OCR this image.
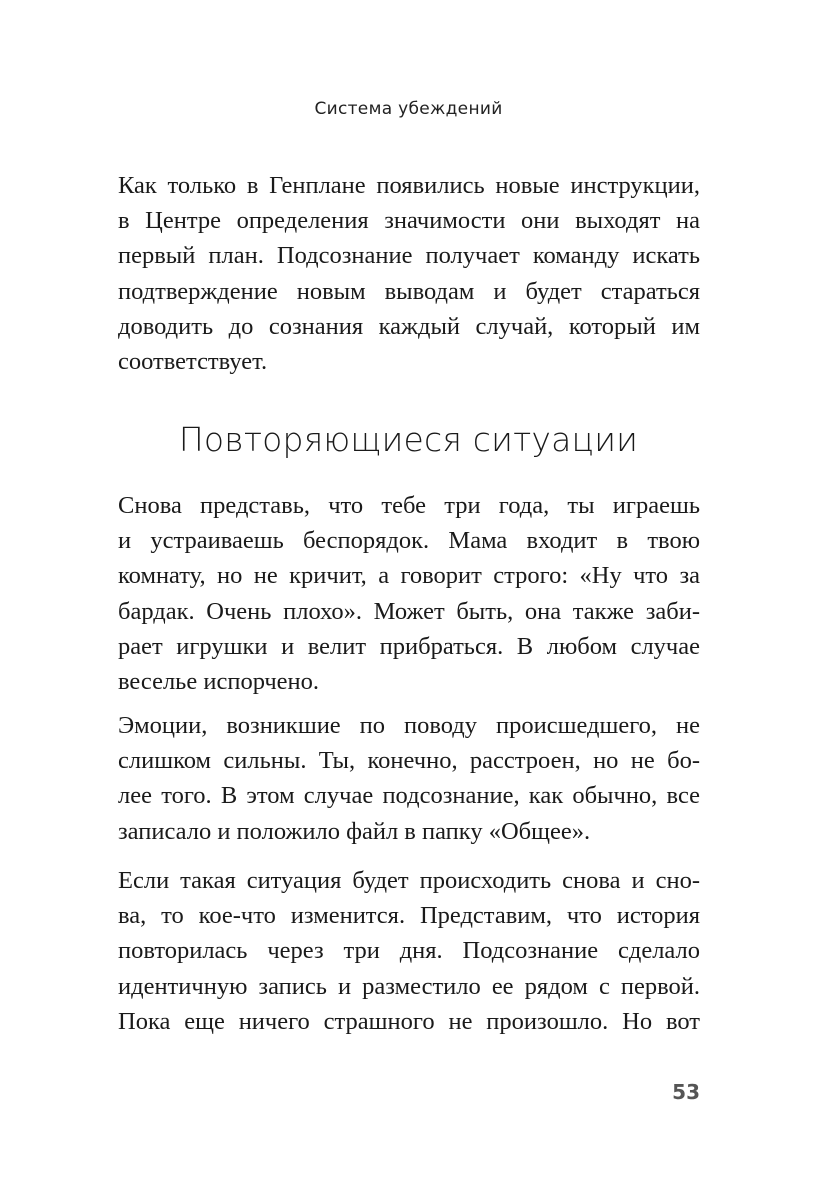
Система убеждений
Как только в Генплане появились новые инструкции,
в Центре определения значимости они выходят на
первый план. Подсознание получает команду искать
подтверждение новым выводам и будет стараться
доводить до сознания каждый случай, который им
соответствует.
Повторяющиеся ситуации
Снова представь, что тебе три года, ты играешь
и устраиваешь беспорядок. Мама входит в твою
комнату, но не кричит, а говорит строго: «Ну что за
бардак. Очень плохо». Может быть, она также заби-
рает игрушки и велит прибраться. В любом случае
веселье испорчено.
Эмоции, возникшие по поводу происшедшего, не
слишком сильны. Ты, конечно, расстроен, но не бо-
лее того. В этом случае подсознание, как обычно, все
записало и положило файл в папку «Общее».
Если такая ситуация будет происходить снова и сно-
ва, то кое-что изменится. Представим, что история
повторилась через три дня. Подсознание сделало
идентичную запись и разместило ее рядом с первой.
Пока еще ничего страшного не произошло. Но вот
53
